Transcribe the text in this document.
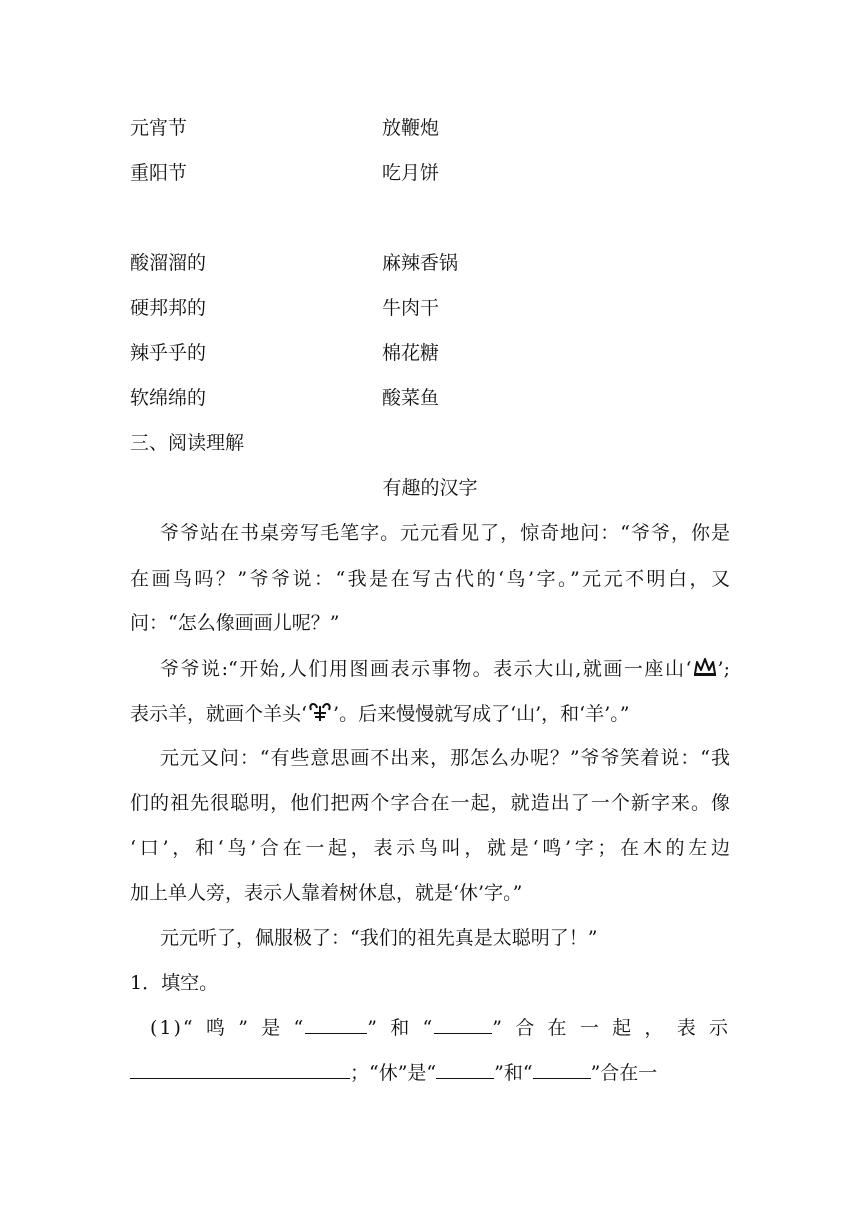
元宵节	放鞭炮
重阳节	吃月饼
酸溜溜的	麻辣香锅
硬邦邦的	牛肉干
辣乎乎的	棉花糖
软绵绵的	酸菜鱼
三、阅读理解
有趣的汉字
爷爷站在书桌旁写毛笔字。元元看见了，惊奇地问：“爷爷，你是
在画鸟吗？”爷爷说：“我是在写古代的‘鸟’字。”元元不明白，又
问：“怎么像画画儿呢？”
爷爷说:“开始,人们用图画表示事物。表示大山,就画一座山‘ ’;
表示羊，就画个羊头‘ ’。后来慢慢就写成了‘山’，和‘羊’。”
元元又问：“有些意思画不出来，那怎么办呢？”爷爷笑着说：“我
们的祖先很聪明，他们把两个字合在一起，就造出了一个新字来。像
‘口’，和‘鸟’合在一起，表示鸟叫，就是‘鸣’字；在木的左边
加上单人旁，表示人靠着树休息，就是‘休’字。”
元元听了，佩服极了：“我们的祖先真是太聪明了！”
1．填空。
(1)“鸣”是“	”和“	”合在一起，表示
；“休”是“	”和“	”合在一
